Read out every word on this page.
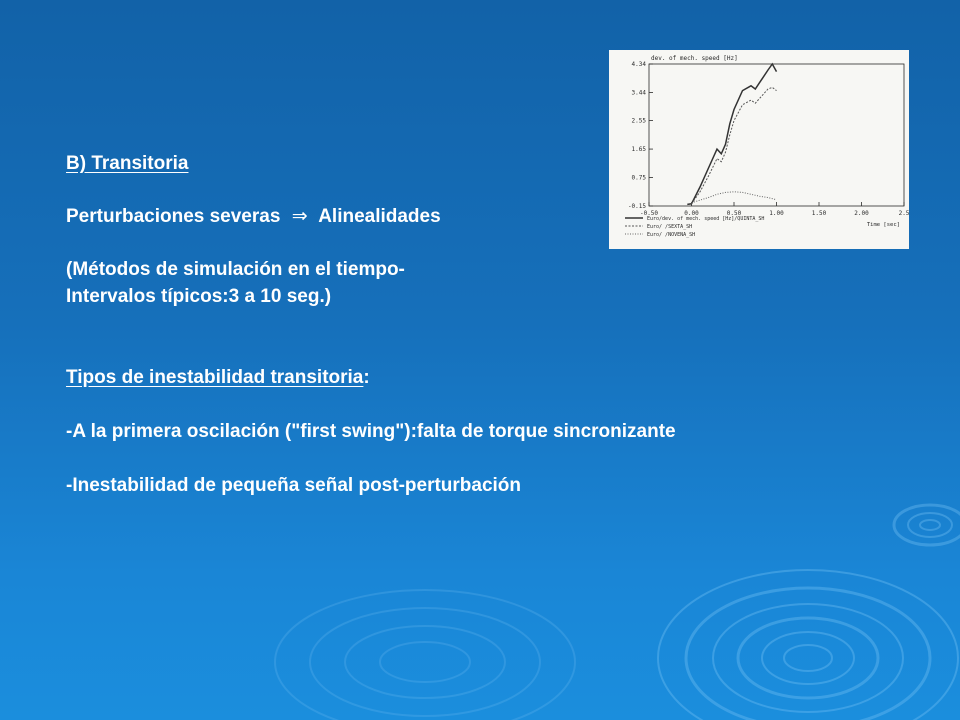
B) Transitoria
Perturbaciones severas ⇒ Alinealidades
(Métodos de simulación en el tiempo-
Intervalos típicos:3 a 10 seg.)
Tipos de inestabilidad transitoria:
-A la primera oscilación ("first swing"):falta de torque sincronizante
-Inestabilidad de pequeña señal post-perturbación
dev. of mech. speed [Hz]
4.34
3.44
2.55
1.65
0.75
-0.15
-0.50	0.00	0.50	1.00	1.50	2.00	2.5
Time [sec]
Euro/dev. of mech. speed [Hz]/QUINTA_SH
Euro/ /SEXTA_SH
Euro/ /NOVENA_SH
